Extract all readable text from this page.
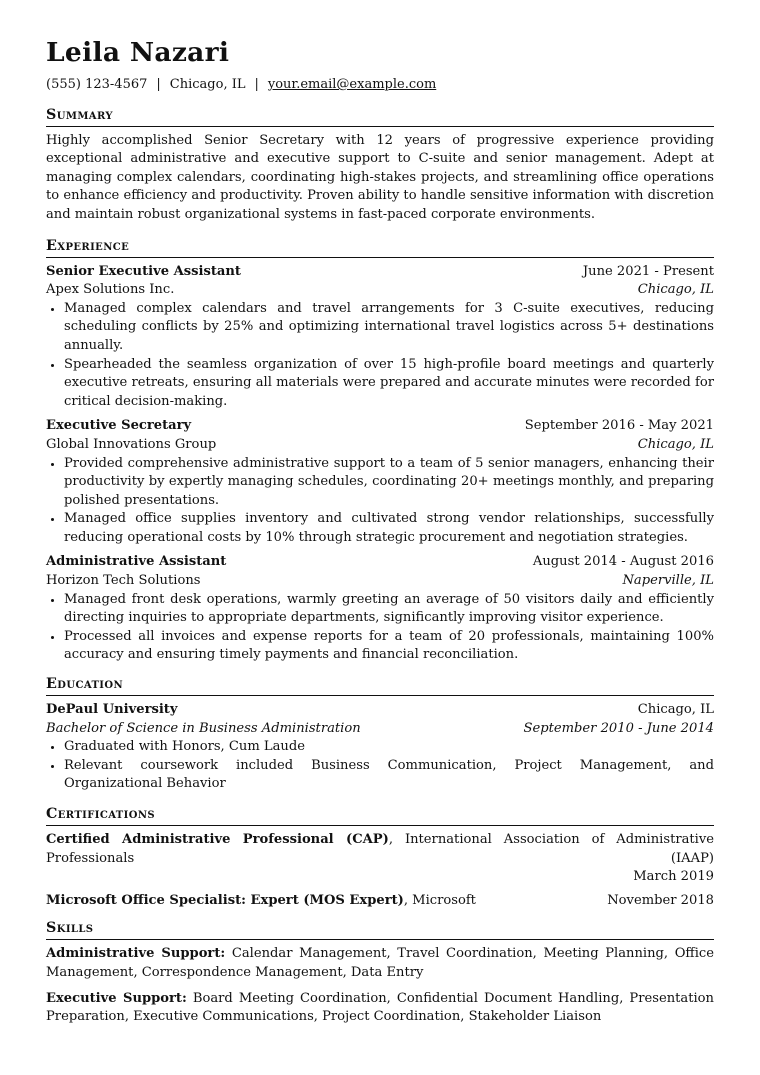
Leila Nazari
(555) 123-4567 | Chicago, IL | your.email@example.com
Summary
Highly accomplished Senior Secretary with 12 years of progressive experience providing exceptional administrative and executive support to C-suite and senior management. Adept at managing complex calendars, coordinating high-stakes projects, and streamlining office operations to enhance efficiency and productivity. Proven ability to handle sensitive information with discretion and maintain robust organizational systems in fast-paced corporate environments.
Experience
Senior Executive Assistant	June 2021 - Present
Apex Solutions Inc.	Chicago, IL
• Managed complex calendars and travel arrangements for 3 C-suite executives, reducing scheduling conflicts by 25% and optimizing international travel logistics across 5+ destinations annually.
• Spearheaded the seamless organization of over 15 high-profile board meetings and quarterly executive retreats, ensuring all materials were prepared and accurate minutes were recorded for critical decision-making.
Executive Secretary	September 2016 - May 2021
Global Innovations Group	Chicago, IL
• Provided comprehensive administrative support to a team of 5 senior managers, enhancing their productivity by expertly managing schedules, coordinating 20+ meetings monthly, and preparing polished presentations.
• Managed office supplies inventory and cultivated strong vendor relationships, successfully reducing operational costs by 10% through strategic procurement and negotiation strategies.
Administrative Assistant	August 2014 - August 2016
Horizon Tech Solutions	Naperville, IL
• Managed front desk operations, warmly greeting an average of 50 visitors daily and efficiently directing inquiries to appropriate departments, significantly improving visitor experience.
• Processed all invoices and expense reports for a team of 20 professionals, maintaining 100% accuracy and ensuring timely payments and financial reconciliation.
Education
DePaul University	Chicago, IL
Bachelor of Science in Business Administration	September 2010 - June 2014
• Graduated with Honors, Cum Laude
• Relevant coursework included Business Communication, Project Management, and Organizational Behavior
Certifications
Certified Administrative Professional (CAP), International Association of Administrative Professionals (IAAP)

March 2019
Microsoft Office Specialist: Expert (MOS Expert), Microsoft	November 2018
Skills
Administrative Support: Calendar Management, Travel Coordination, Meeting Planning, Office Management, Correspondence Management, Data Entry
Executive Support: Board Meeting Coordination, Confidential Document Handling, Presentation Preparation, Executive Communications, Project Coordination, Stakeholder Liaison
